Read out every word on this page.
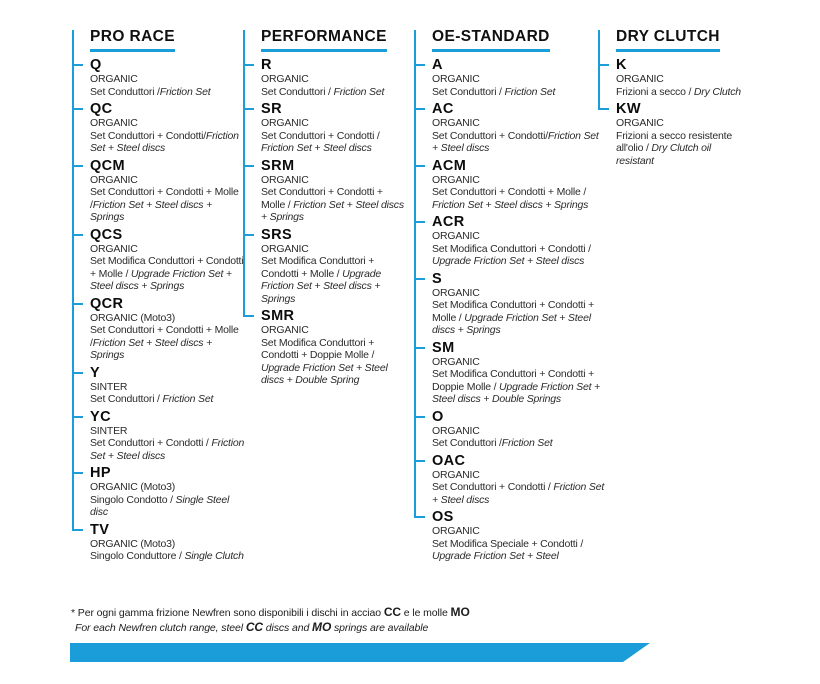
PRO RACE
Q
ORGANIC
Set Conduttori /Friction Set
QC
ORGANIC
Set Conduttori + Condotti/Friction Set + Steel discs
QCM
ORGANIC
Set Conduttori + Condotti + Molle /Friction Set + Steel discs + Springs
QCS
ORGANIC
Set Modifica Conduttori + Condotti + Molle / Upgrade Friction Set + Steel discs + Springs
QCR
ORGANIC (Moto3)
Set Conduttori + Condotti + Molle /Friction Set + Steel discs + Springs
Y
SINTER
Set Conduttori / Friction Set
YC
SINTER
Set Conduttori + Condotti / Friction Set + Steel discs
HP
ORGANIC (Moto3)
Singolo Condotto / Single Steel disc
TV
ORGANIC (Moto3)
Singolo Conduttore / Single Clutch
PERFORMANCE
R
ORGANIC
Set Conduttori / Friction Set
SR
ORGANIC
Set Conduttori + Condotti / Friction Set + Steel discs
SRM
ORGANIC
Set Conduttori + Condotti + Molle / Friction Set + Steel discs + Springs
SRS
ORGANIC
Set Modifica Conduttori + Condotti + Molle / Upgrade Friction Set + Steel discs + Springs
SMR
ORGANIC
Set Modifica Conduttori + Condotti + Doppie Molle / Upgrade Friction Set + Steel discs + Double Spring
OE-STANDARD
A
ORGANIC
Set Conduttori / Friction Set
AC
ORGANIC
Set Conduttori + Condotti/Friction Set + Steel discs
ACM
ORGANIC
Set Conduttori + Condotti + Molle / Friction Set + Steel discs + Springs
ACR
ORGANIC
Set Modifica Conduttori + Condotti / Upgrade Friction Set + Steel discs
S
ORGANIC
Set Modifica Conduttori + Condotti + Molle / Upgrade Friction Set + Steel discs + Springs
SM
ORGANIC
Set Modifica Conduttori + Condotti + Doppie Molle / Upgrade Friction Set + Steel discs + Double Springs
O
ORGANIC
Set Conduttori /Friction Set
OAC
ORGANIC
Set Conduttori + Condotti / Friction Set + Steel discs
OS
ORGANIC
Set Modifica Speciale + Condotti / Upgrade Friction Set + Steel
DRY CLUTCH
K
ORGANIC
Frizioni a secco / Dry Clutch
KW
ORGANIC
Frizioni a secco resistente all'olio / Dry Clutch oil resistant
* Per ogni gamma frizione Newfren sono disponibili i dischi in acciao CC e le molle MO
For each Newfren clutch range, steel CC discs and MO springs are available
